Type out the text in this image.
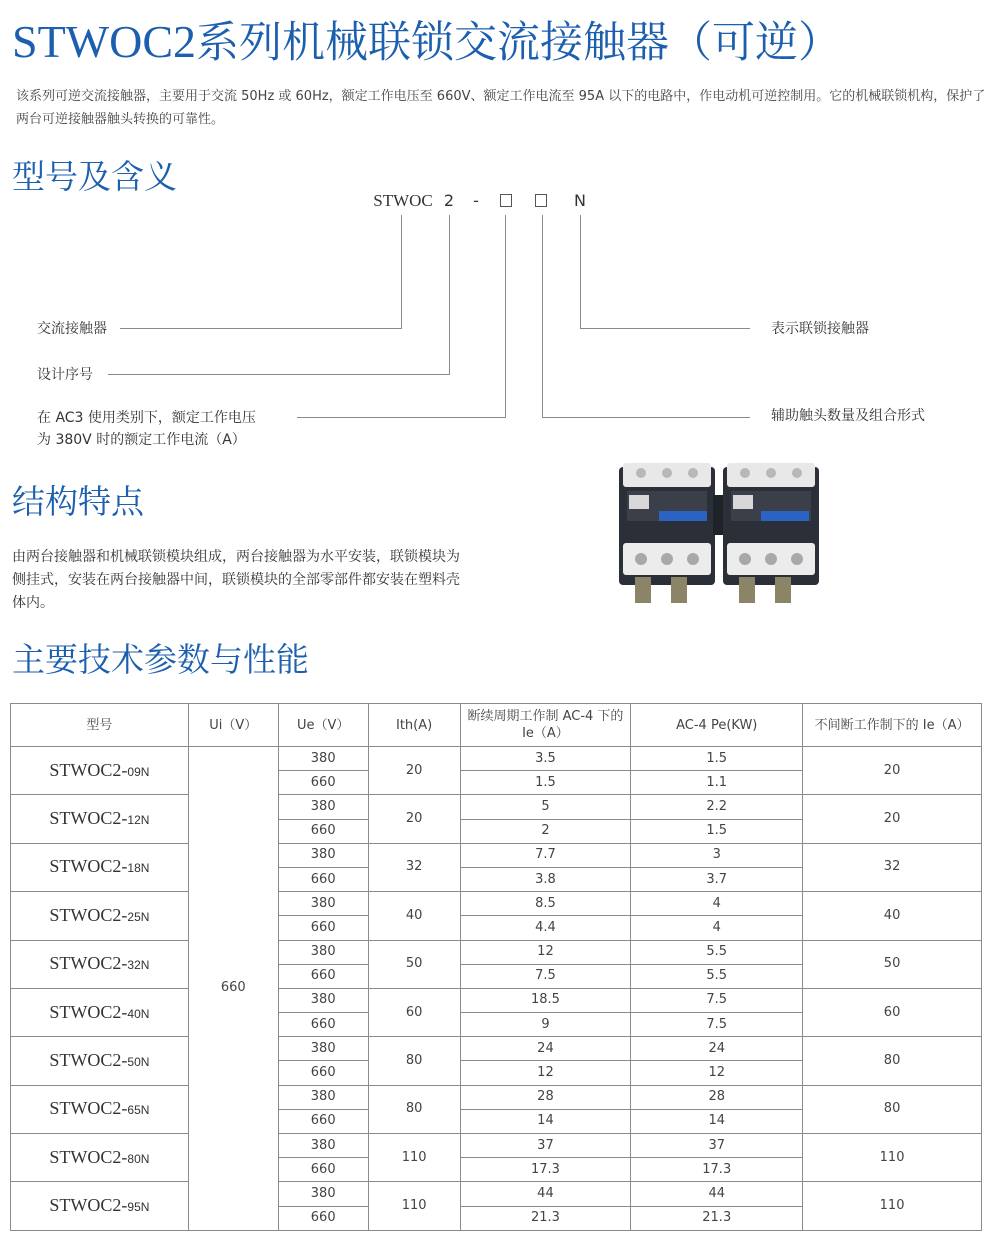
STWOC2系列机械联锁交流接触器（可逆）

该系列可逆交流接触器，主要用于交流 50Hz 或 60Hz，额定工作电压至 660V、额定工作电流至 95A 以下的电路中，作电动机可逆控制用。它的机械联锁机构，保护了两台可逆接触器触头转换的可靠性。

型号及含义
STWOC 2 -	N
交流接触器
设计序号
在 AC3 使用类别下，额定工作电压
为 380V 时的额定工作电流（A）
表示联锁接触器
辅助触头数量及组合形式
结构特点

由两台接触器和机械联锁模块组成，两台接触器为水平安装，联锁模块为侧挂式，安装在两台接触器中间，联锁模块的全部零部件都安装在塑料壳体内。

主要技术参数与性能
型号	Ui（V）	Ue（V）	Ith(A)	断续周期工作制 AC-4 下的
Ie（A）	AC-4 Pe(KW)	不间断工作制下的 Ie（A）
STWOC2-09N	660	380	20	3.5	1.5	20
		660		1.5	1.1	
STWOC2-12N		380	20	5	2.2	20
		660		2	1.5	
STWOC2-18N		380	32	7.7	3	32
		660		3.8	3.7	
STWOC2-25N		380	40	8.5	4	40
		660		4.4	4	
STWOC2-32N		380	50	12	5.5	50
		660		7.5	5.5	
STWOC2-40N		380	60	18.5	7.5	60
		660		9	7.5	
STWOC2-50N		380	80	24	24	80
		660		12	12	
STWOC2-65N		380	80	28	28	80
		660		14	14	
STWOC2-80N		380	110	37	37	110
		660		17.3	17.3	
STWOC2-95N		380	110	44	44	110
		660		21.3	21.3	
